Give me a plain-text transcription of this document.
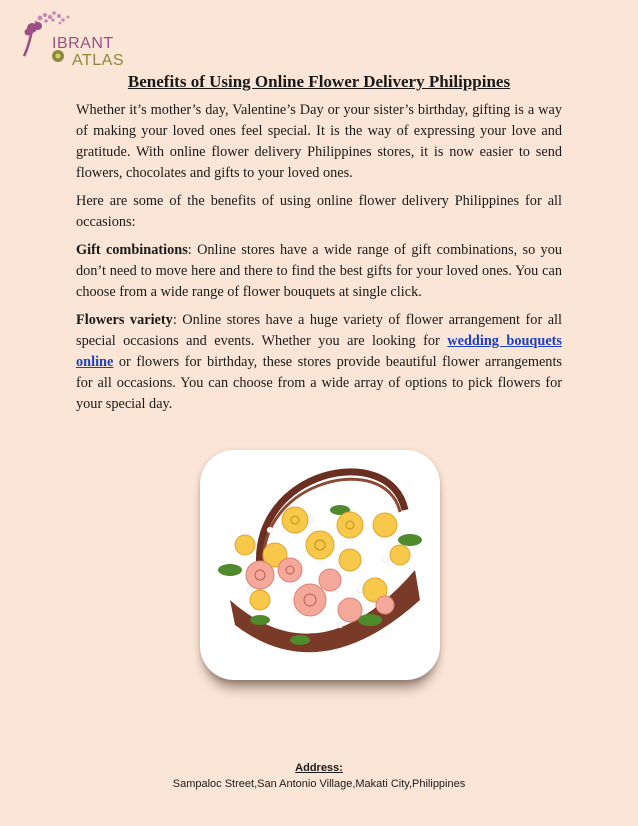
IBRANT
ATLAS
Benefits of Using Online Flower Delivery Philippines

Whether it’s mother’s day, Valentine’s Day or your sister’s birthday, gifting is a way of making your loved ones feel special. It is the way of expressing your love and gratitude. With online flower delivery Philippines stores, it is now easier to send flowers, chocolates and gifts to your loved ones.

Here are some of the benefits of using online flower delivery Philippines for all occasions:

Gift combinations: Online stores have a wide range of gift combinations, so you don’t need to move here and there to find the best gifts for your loved ones. You can choose from a wide range of flower bouquets at single click.

Flowers variety: Online stores have a huge variety of flower arrangement for all special occasions and events. Whether you are looking for wedding bouquets online or flowers for birthday, these stores provide beautiful flower arrangements for all occasions. You can choose from a wide array of options to pick flowers for your special day.

Address:
Sampaloc Street,San Antonio Village,Makati City,Philippines
